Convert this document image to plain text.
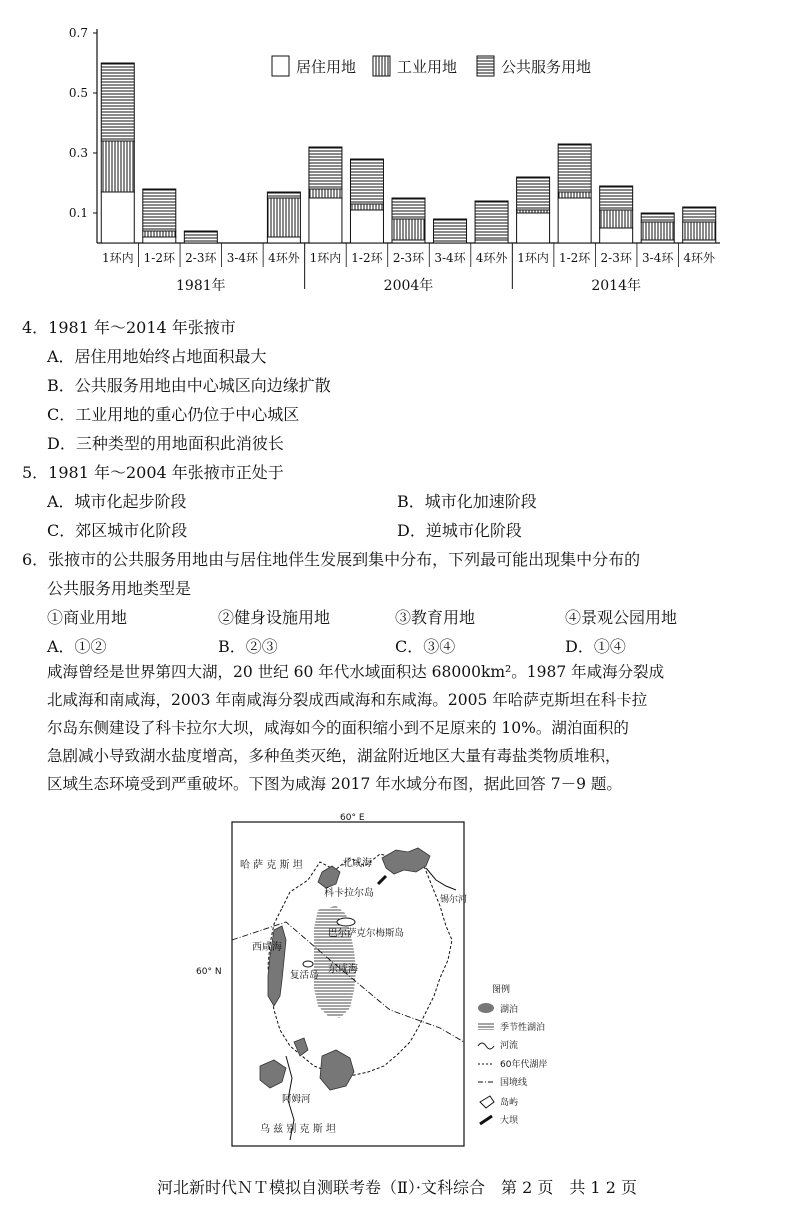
0.1
0.3
0.5
0.7
1环内 1-2环 2-3环 3-4环 4环外
1981年
1环内 1-2环 2-3环 3-4环 4环外
2004年
1环内 1-2环 2-3环 3-4环 4环外
2014年
居住用地	工业用地	公共服务用地
4．1981 年～2014 年张掖市
A．居住用地始终占地面积最大
B．公共服务用地由中心城区向边缘扩散
C．工业用地的重心仍位于中心城区
D．三种类型的用地面积此消彼长
5．1981 年～2004 年张掖市正处于
A．城市化起步阶段	B．城市化加速阶段
C．郊区城市化阶段	D．逆城市化阶段
6．张掖市的公共服务用地由与居住地伴生发展到集中分布，下列最可能出现集中分布的
公共服务用地类型是
①商业用地	②健身设施用地	③教育用地	④景观公园用地
A．①②	B．②③	C．③④	D．①④
咸海曾经是世界第四大湖，20 世纪 60 年代水域面积达 68000km²。1987 年咸海分裂成
北咸海和南咸海，2003 年南咸海分裂成西咸海和东咸海。2005 年哈萨克斯坦在科卡拉
尔岛东侧建设了科卡拉尔大坝，咸海如今的面积缩小到不足原来的 10%。湖泊面积的
急剧减小导致湖水盐度增高，多种鱼类灭绝，湖盆附近地区大量有毒盐类物质堆积，
区域生态环境受到严重破坏。下图为咸海 2017 年水域分布图，据此回答 7－9 题。
60° E
60° N
哈 萨 克 斯 坦	北咸海
科卡拉尔岛
锡尔河
巴尔萨克尔梅斯岛
西咸海
东咸海
复活岛
阿姆河
乌 兹 别 克 斯 坦
图例
湖泊
季节性湖泊
河流
60年代湖岸
国境线
岛屿
大坝
河北新时代ＮＴ模拟自测联考卷（Ⅱ）·文科综合　第 2 页　共 1 2 页
